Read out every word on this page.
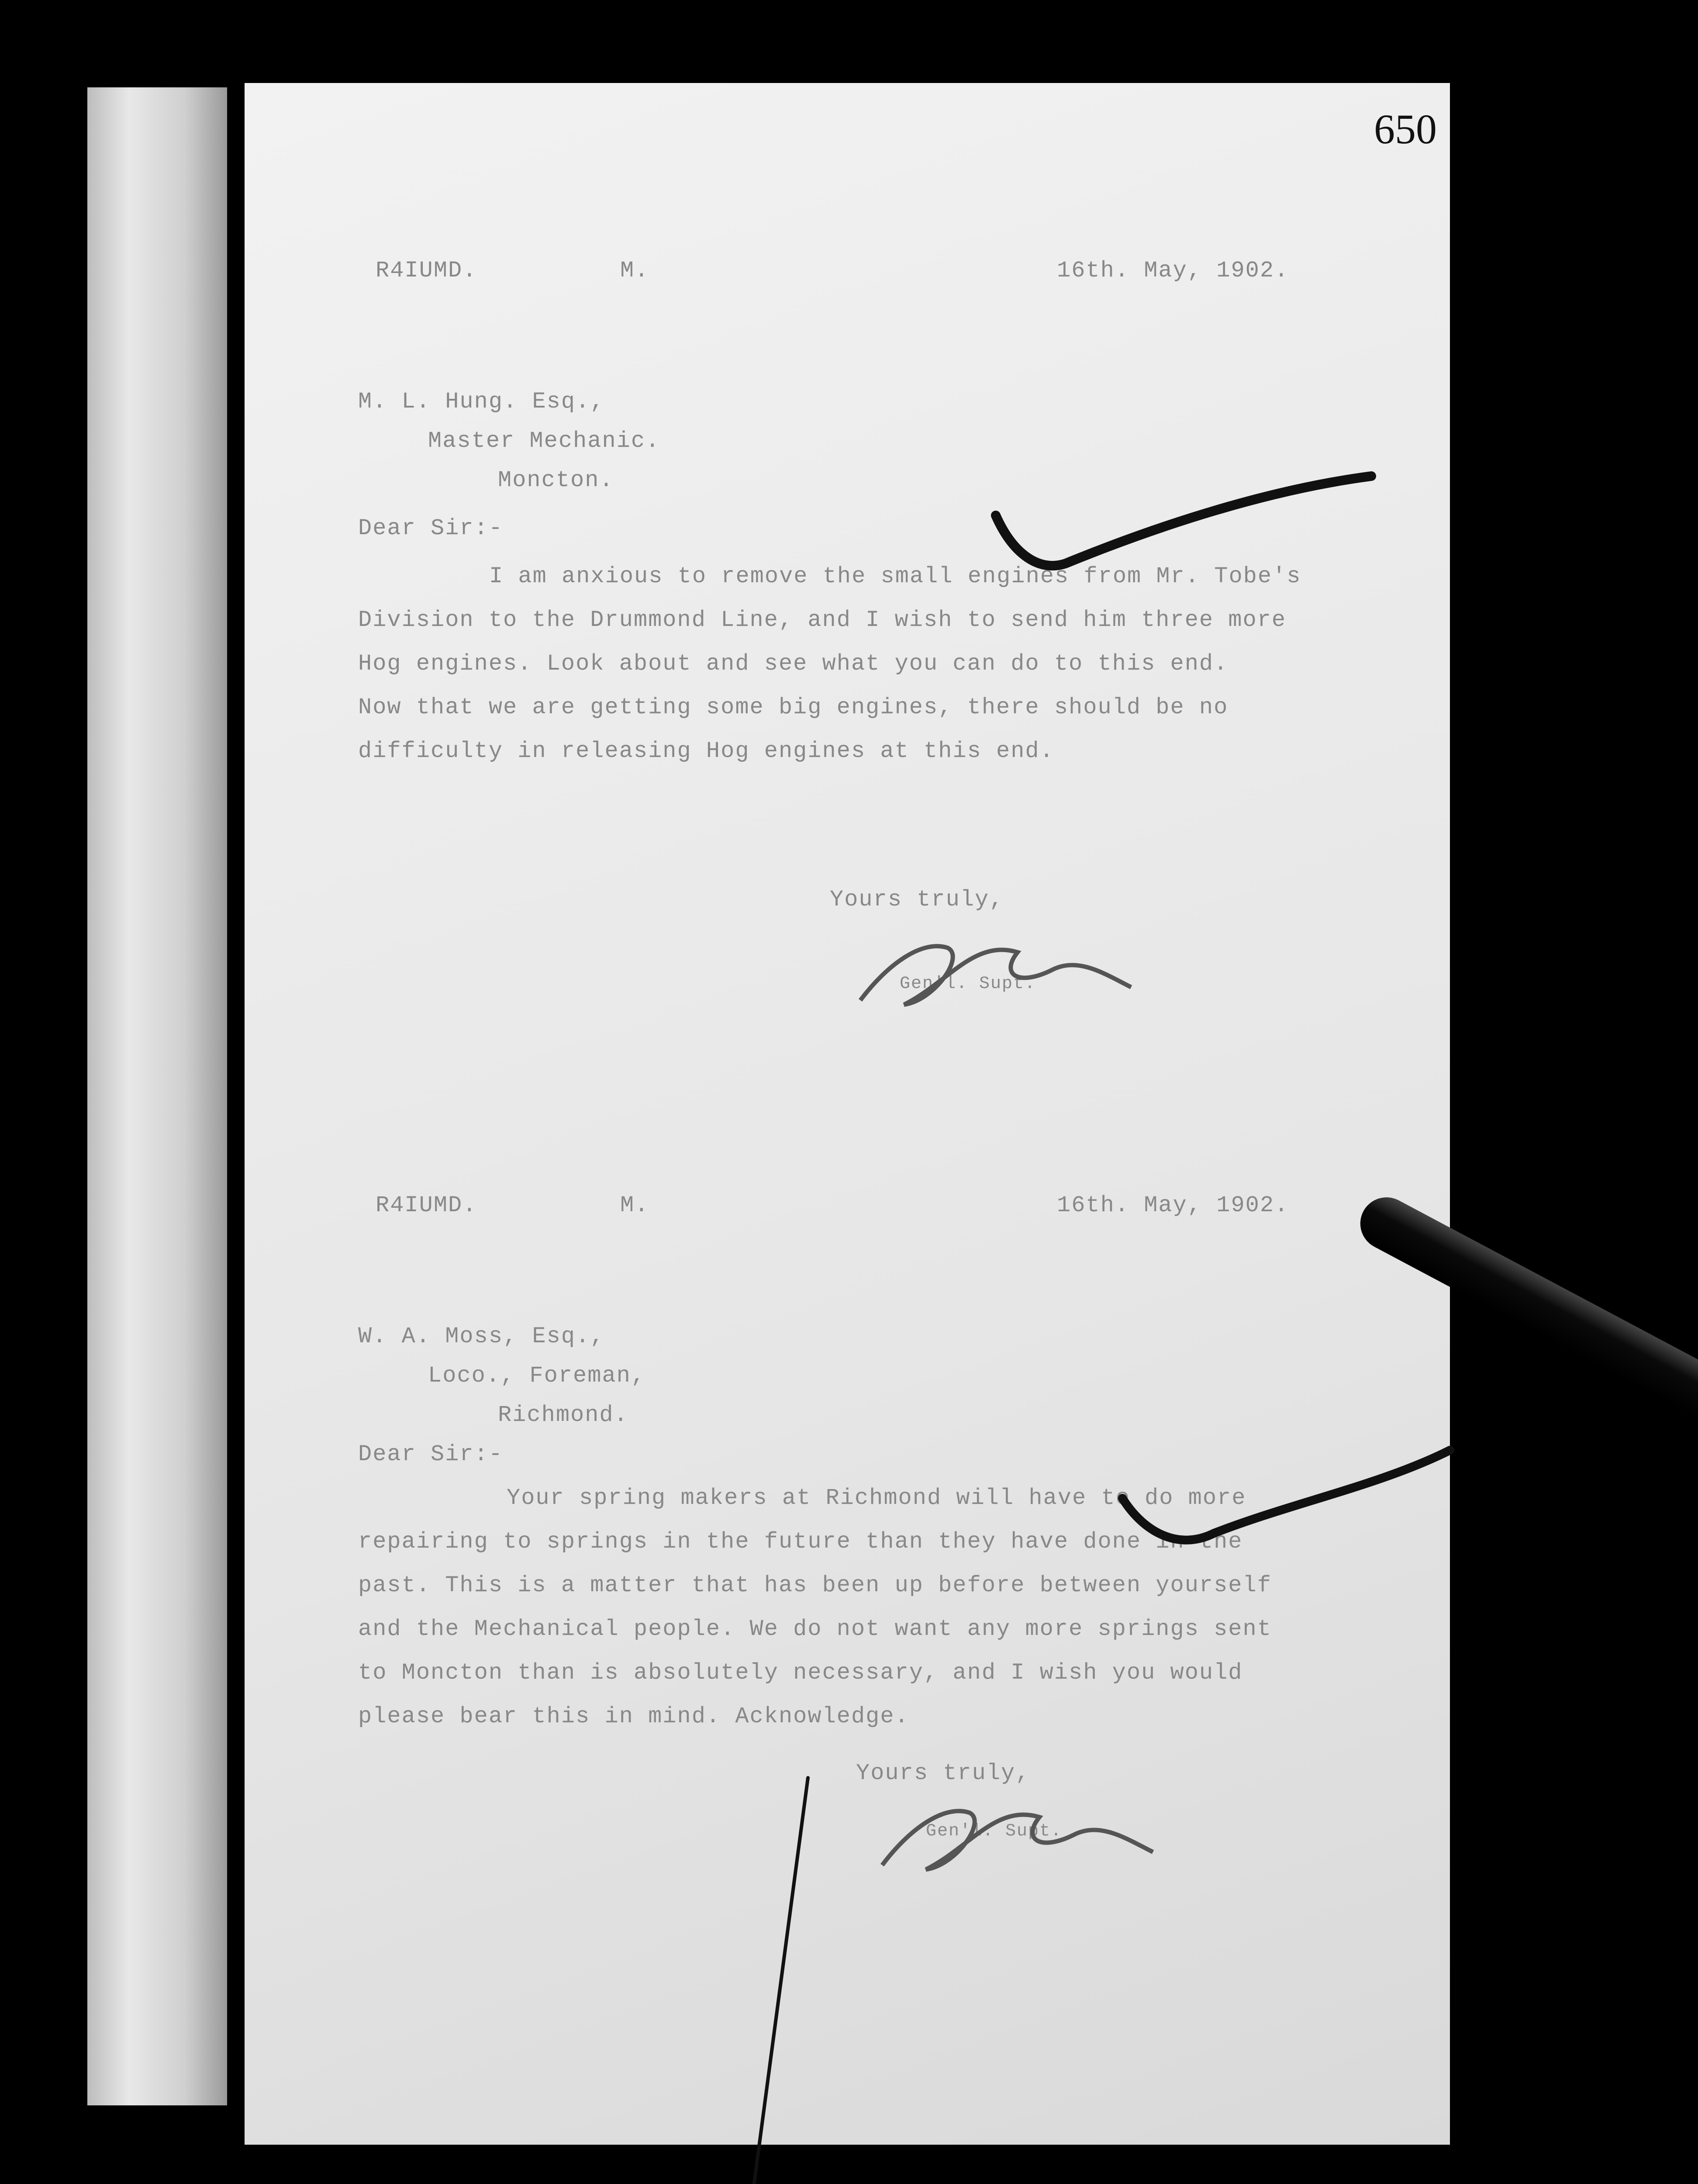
650
R4IUMD.	M.	16th. May, 1902.
M. L. Hung. Esq.,
Master Mechanic.
Moncton.
Dear Sir:-
I am anxious to remove the small engines from Mr. Tobe's
Division to the Drummond Line, and I wish to send him three more
Hog engines. Look about and see what you can do to this end.
Now that we are getting some big engines, there should be no
difficulty in releasing Hog engines at this end.
Yours truly,
Gen'l. Supt.
R4IUMD.	M.	16th. May, 1902.
W. A. Moss, Esq.,
Loco., Foreman,
Richmond.
Dear Sir:-
Your spring makers at Richmond will have to do more
repairing to springs in the future than they have done in the
past. This is a matter that has been up before between yourself
and the Mechanical people. We do not want any more springs sent
to Moncton than is absolutely necessary, and I wish you would
please bear this in mind. Acknowledge.
Yours truly,
Gen'l. Supt.
